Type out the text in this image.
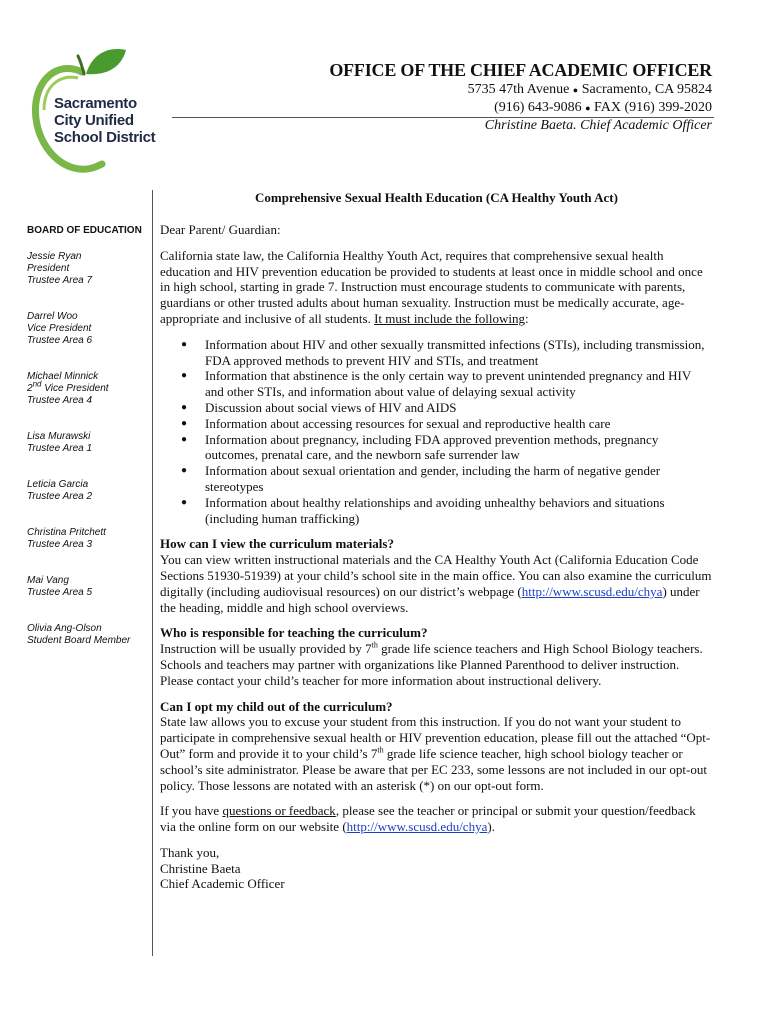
Sacramento
City Unified
School District
OFFICE OF THE CHIEF ACADEMIC OFFICER
5735 47th Avenue ● Sacramento, CA 95824
(916) 643-9086 ● FAX (916) 399-2020
Christine Baeta. Chief Academic Officer
BOARD OF EDUCATION
Jessie Ryan
President
Trustee Area 7
Darrel Woo
Vice President
Trustee Area 6
Michael Minnick
2nd Vice President
Trustee Area 4
Lisa Murawski
Trustee Area 1
Leticia Garcia
Trustee Area 2
Christina Pritchett
Trustee Area 3
Mai Vang
Trustee Area 5
Olivia Ang-Olson
Student Board Member
Comprehensive Sexual Health Education (CA Healthy Youth Act)

Dear Parent/ Guardian:

California state law, the California Healthy Youth Act, requires that comprehensive sexual health education and HIV prevention education be provided to students at least once in middle school and once in high school, starting in grade 7. Instruction must encourage students to communicate with parents, guardians or other trusted adults about human sexuality. Instruction must be medically accurate, age-appropriate and inclusive of all students. It must include the following:

● Information about HIV and other sexually transmitted infections (STIs), including transmission, FDA approved methods to prevent HIV and STIs, and treatment
● Information that abstinence is the only certain way to prevent unintended pregnancy and HIV and other STIs, and information about value of delaying sexual activity
● Discussion about social views of HIV and AIDS
● Information about accessing resources for sexual and reproductive health care
● Information about pregnancy, including FDA approved prevention methods, pregnancy outcomes, prenatal care, and the newborn safe surrender law
● Information about sexual orientation and gender, including the harm of negative gender stereotypes
● Information about healthy relationships and avoiding unhealthy behaviors and situations (including human trafficking)

How can I view the curriculum materials?

You can view written instructional materials and the CA Healthy Youth Act (California Education Code Sections 51930-51939) at your child’s school site in the main office. You can also examine the curriculum digitally (including audiovisual resources) on our district’s webpage (http://www.scusd.edu/chya) under the heading, middle and high school overviews.

Who is responsible for teaching the curriculum?

Instruction will be usually provided by 7th grade life science teachers and High School Biology teachers. Schools and teachers may partner with organizations like Planned Parenthood to deliver instruction. Please contact your child’s teacher for more information about instructional delivery.

Can I opt my child out of the curriculum?

State law allows you to excuse your student from this instruction. If you do not want your student to participate in comprehensive sexual health or HIV prevention education, please fill out the attached “Opt-Out” form and provide it to your child’s 7th grade life science teacher, high school biology teacher or school’s site administrator. Please be aware that per EC 233, some lessons are not included in our opt-out policy. Those lessons are notated with an asterisk (*) on our opt-out form.

If you have questions or feedback, please see the teacher or principal or submit your question/feedback via the online form on our website (http://www.scusd.edu/chya).

Thank you,

Christine Baeta

Chief Academic Officer
